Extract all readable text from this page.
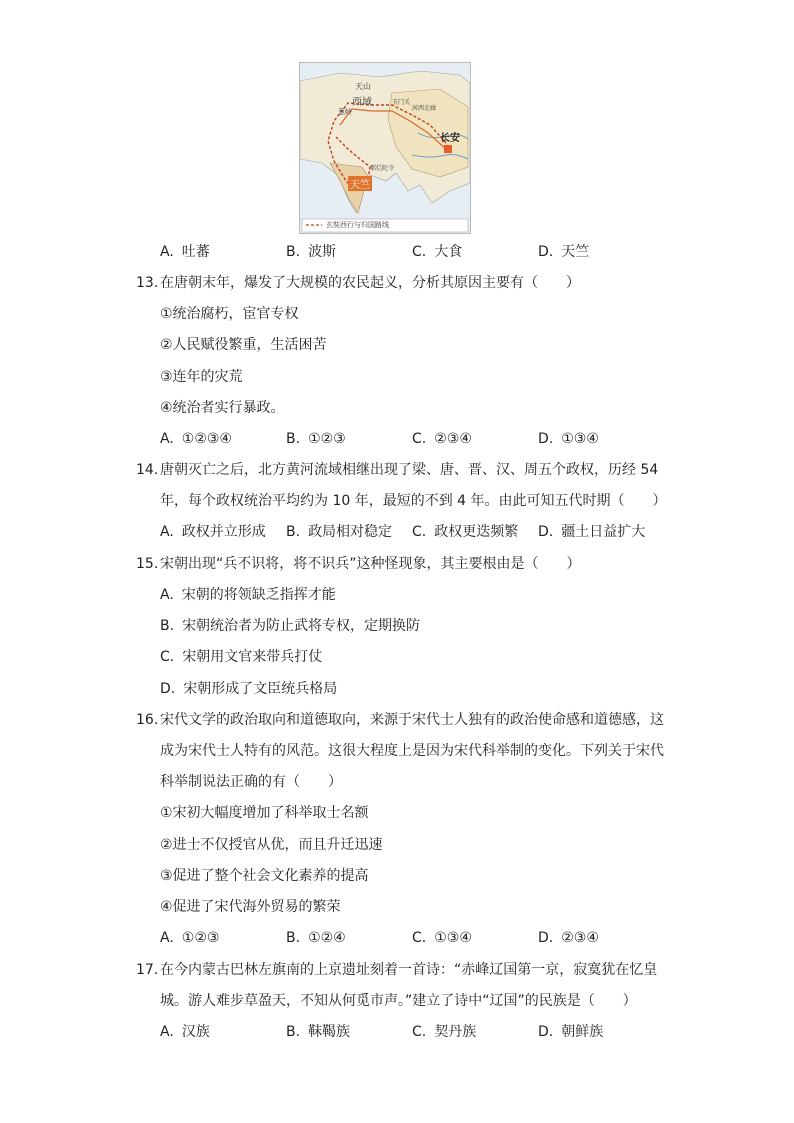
天山
西域	玉门关
河西走廊
葱岭
长安
天竺
那烂陀寺
玄奘西行与归国路线
A. 吐蕃	B. 波斯	C. 大食	D. 天竺
13. 在唐朝末年，爆发了大规模的农民起义，分析其原因主要有（　　）
①统治腐朽，宦官专权
②人民赋役繁重，生活困苦
③连年的灾荒
④统治者实行暴政。
A. ①②③④	B. ①②③	C. ②③④	D. ①③④
14. 唐朝灭亡之后，北方黄河流域相继出现了梁、唐、晋、汉、周五个政权，历经 54
年，每个政权统治平均约为 10 年，最短的不到 4 年。由此可知五代时期（　　）
A. 政权并立形成 B. 政局相对稳定 C. 政权更迭频繁 D. 疆土日益扩大
15. 宋朝出现“兵不识将，将不识兵”这种怪现象，其主要根由是（　　）
A. 宋朝的将领缺乏指挥才能
B. 宋朝统治者为防止武将专权，定期换防
C. 宋朝用文官来带兵打仗
D. 宋朝形成了文臣统兵格局
16. 宋代文学的政治取向和道德取向，来源于宋代士人独有的政治使命感和道德感，这
成为宋代士人特有的风范。这很大程度上是因为宋代科举制的变化。下列关于宋代
科举制说法正确的有（　　）
①宋初大幅度增加了科举取士名额
②进士不仅授官从优，而且升迁迅速
③促进了整个社会文化素养的提高
④促进了宋代海外贸易的繁荣
A. ①②③	B. ①②④	C. ①③④	D. ②③④
17. 在今内蒙古巴林左旗南的上京遗址刻着一首诗：“赤峰辽国第一京，寂寞犹在忆皇
城。游人难步草盈天，不知从何觅市声。”建立了诗中“辽国”的民族是（　　）
A. 汉族	B. 靺鞨族	C. 契丹族	D. 朝鲜族
